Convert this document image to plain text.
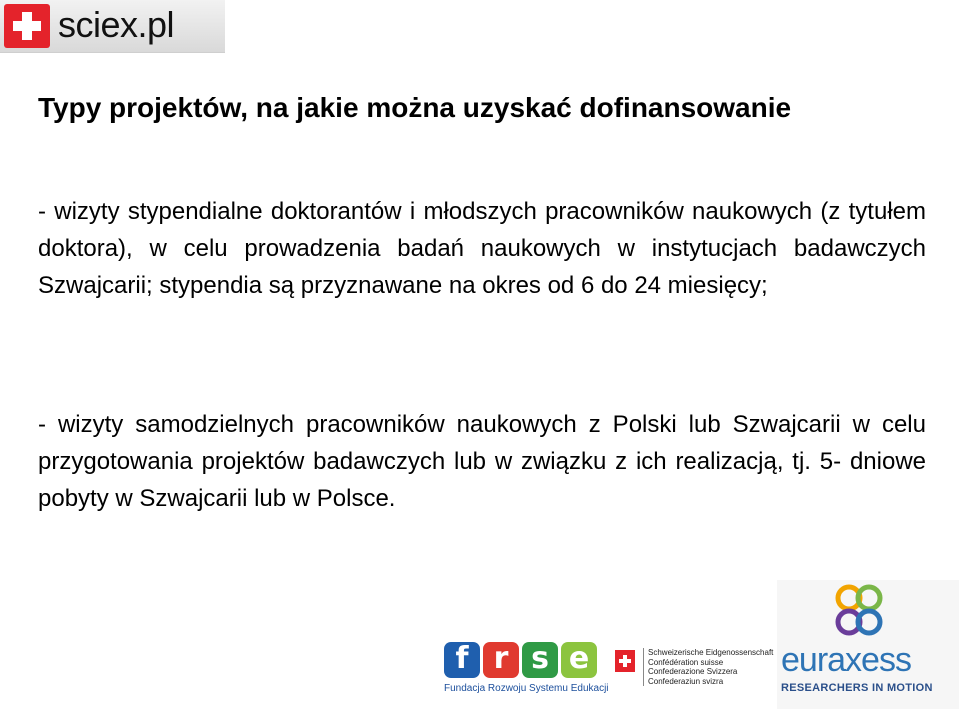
sciex.pl
Typy projektów, na jakie można uzyskać dofinansowanie

- wizyty stypendialne doktorantów i młodszych pracowników naukowych (z tytułem doktora), w celu prowadzenia badań naukowych w instytucjach badawczych Szwajcarii; stypendia są przyznawane na okres od 6 do 24 miesięcy;

- wizyty samodzielnych pracowników naukowych z Polski lub Szwajcarii w celu przygotowania projektów badawczych lub w związku z ich realizacją, tj. 5- dniowe pobyty w Szwajcarii lub w Polsce.

f r s e
Fundacja Rozwoju Systemu Edukacji
Schweizerische Eidgenossenschaft
Confédération suisse
Confederazione Svizzera
Confederaziun svizra
euraxess
RESEARCHERS IN MOTION
